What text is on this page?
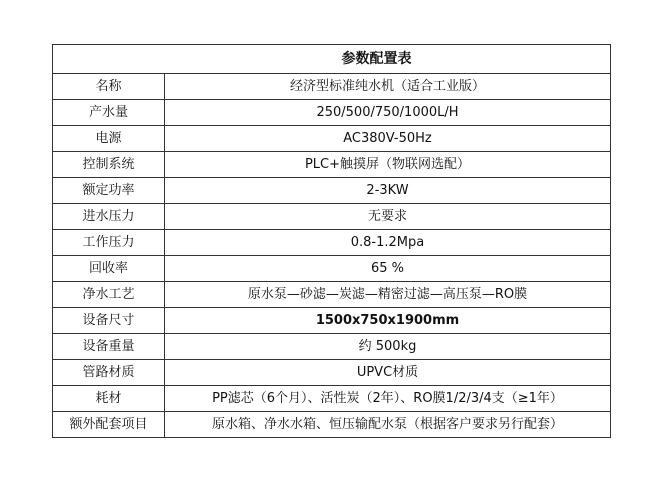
参数配置表	
名称	经济型标准纯水机（适合工业版）
产水量	250/500/750/1000L/H
电源	AC380V-50Hz
控制系统	PLC+触摸屏（物联网选配）
额定功率	2-3KW
进水压力	无要求
工作压力	0.8-1.2Mpa
回收率	65 %
净水工艺	原水泵—砂滤—炭滤—精密过滤—高压泵—RO膜
设备尺寸	1500x750x1900mm
设备重量	约 500kg
管路材质	UPVC材质
耗材	PP滤芯（6个月）、活性炭（2年）、RO膜1/2/3/4支（≥1年）
额外配套项目	原水箱、净水水箱、恒压输配水泵（根据客户要求另行配套）
